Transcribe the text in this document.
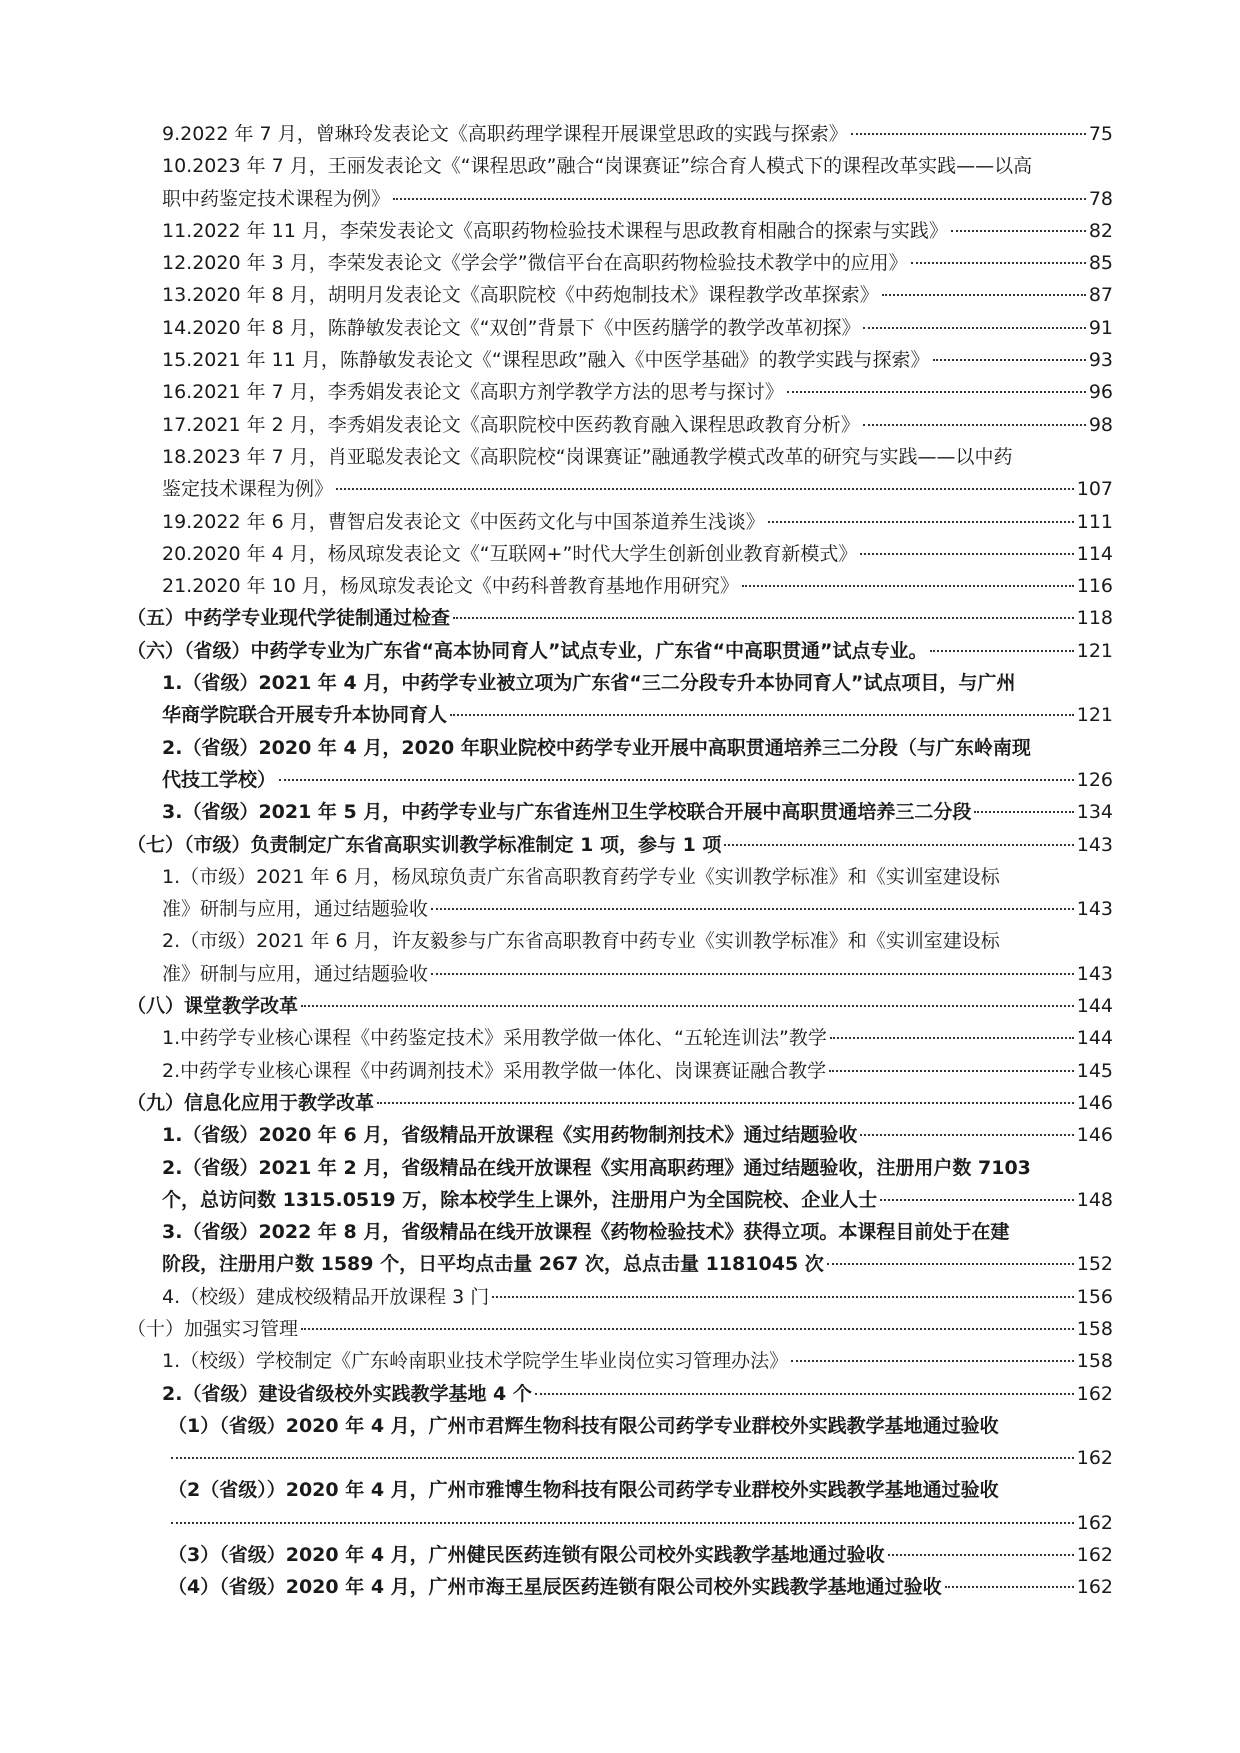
9.2022 年 7 月，曾琳玲发表论文《高职药理学课程开展课堂思政的实践与探索》	75
10.2023 年 7 月，王丽发表论文《“课程思政”融合“岗课赛证”综合育人模式下的课程改革实践——以高
职中药鉴定技术课程为例》	78
11.2022 年 11 月，李荣发表论文《高职药物检验技术课程与思政教育相融合的探索与实践》	82
12.2020 年 3 月，李荣发表论文《学会学”微信平台在高职药物检验技术教学中的应用》	85
13.2020 年 8 月，胡明月发表论文《高职院校《中药炮制技术》课程教学改革探索》	87
14.2020 年 8 月，陈静敏发表论文《“双创”背景下《中医药膳学的教学改革初探》	91
15.2021 年 11 月，陈静敏发表论文《“课程思政”融入《中医学基础》的教学实践与探索》	93
16.2021 年 7 月，李秀娟发表论文《高职方剂学教学方法的思考与探讨》	96
17.2021 年 2 月，李秀娟发表论文《高职院校中医药教育融入课程思政教育分析》	98
18.2023 年 7 月，肖亚聪发表论文《高职院校“岗课赛证”融通教学模式改革的研究与实践——以中药
鉴定技术课程为例》	107
19.2022 年 6 月，曹智启发表论文《中医药文化与中国茶道养生浅谈》	111
20.2020 年 4 月，杨凤琼发表论文《“互联网+”时代大学生创新创业教育新模式》	114
21.2020 年 10 月，杨凤琼发表论文《中药科普教育基地作用研究》	116
（五）中药学专业现代学徒制通过检查	118
（六）（省级）中药学专业为广东省“高本协同育人”试点专业，广东省“中高职贯通”试点专业。	121
1.（省级）2021 年 4 月，中药学专业被立项为广东省“三二分段专升本协同育人”试点项目，与广州
华商学院联合开展专升本协同育人	121
2.（省级）2020 年 4 月，2020 年职业院校中药学专业开展中高职贯通培养三二分段（与广东岭南现
代技工学校）	126
3.（省级）2021 年 5 月，中药学专业与广东省连州卫生学校联合开展中高职贯通培养三二分段	134
（七）（市级）负责制定广东省高职实训教学标准制定 1 项，参与 1 项	143
1.（市级）2021 年 6 月，杨凤琼负责广东省高职教育药学专业《实训教学标准》和《实训室建设标
准》研制与应用，通过结题验收	143
2.（市级）2021 年 6 月，许友毅参与广东省高职教育中药专业《实训教学标准》和《实训室建设标
准》研制与应用，通过结题验收	143
（八）课堂教学改革	144
1.中药学专业核心课程《中药鉴定技术》采用教学做一体化、“五轮连训法”教学	144
2.中药学专业核心课程《中药调剂技术》采用教学做一体化、岗课赛证融合教学	145
（九）信息化应用于教学改革	146
1.（省级）2020 年 6 月，省级精品开放课程《实用药物制剂技术》通过结题验收	146
2.（省级）2021 年 2 月，省级精品在线开放课程《实用高职药理》通过结题验收，注册用户数 7103
个，总访问数 1315.0519 万，除本校学生上课外，注册用户为全国院校、企业人士	148
3.（省级）2022 年 8 月，省级精品在线开放课程《药物检验技术》获得立项。本课程目前处于在建
阶段，注册用户数 1589 个，日平均点击量 267 次，总点击量 1181045 次	152
4.（校级）建成校级精品开放课程 3 门	156
（十）加强实习管理	158
1.（校级）学校制定《广东岭南职业技术学院学生毕业岗位实习管理办法》	158
2.（省级）建设省级校外实践教学基地 4 个	162
（1）（省级）2020 年 4 月，广州市君辉生物科技有限公司药学专业群校外实践教学基地通过验收
162
（2（省级））2020 年 4 月，广州市雅博生物科技有限公司药学专业群校外实践教学基地通过验收
162
（3）（省级）2020 年 4 月，广州健民医药连锁有限公司校外实践教学基地通过验收	162
（4）（省级）2020 年 4 月，广州市海王星辰医药连锁有限公司校外实践教学基地通过验收	162
